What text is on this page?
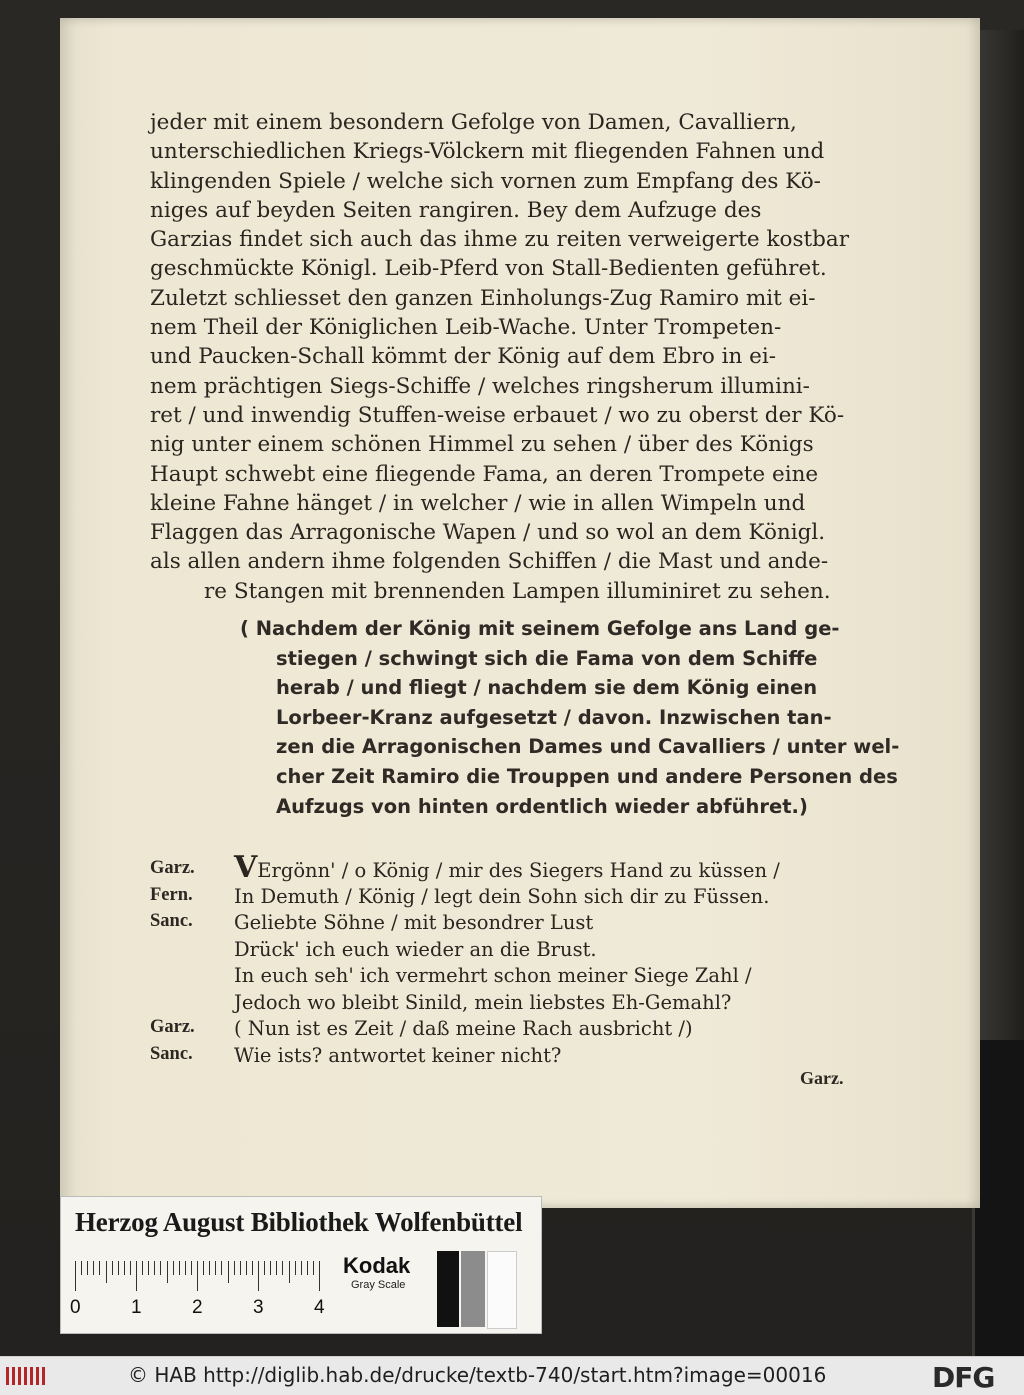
jeder mit einem besondern Gefolge von Damen, Cavalliern,
unterschiedlichen Kriegs-Völckern mit fliegenden Fahnen und
klingenden Spiele / welche sich vornen zum Empfang des Kö-
niges auf beyden Seiten rangiren. Bey dem Aufzuge des
Garzias findet sich auch das ihme zu reiten verweigerte kostbar
geschmückte Königl. Leib-Pferd von Stall-Bedienten geführet.
Zuletzt schliesset den ganzen Einholungs-Zug Ramiro mit ei-
nem Theil der Königlichen Leib-Wache. Unter Trompeten-
und Paucken-Schall kömmt der König auf dem Ebro in ei-
nem prächtigen Siegs-Schiffe / welches ringsherum illumini-
ret / und inwendig Stuffen-weise erbauet / wo zu oberst der Kö-
nig unter einem schönen Himmel zu sehen / über des Königs
Haupt schwebt eine fliegende Fama, an deren Trompete eine
kleine Fahne hänget / in welcher / wie in allen Wimpeln und
Flaggen das Arragonische Wapen / und so wol an dem Königl.
als allen andern ihme folgenden Schiffen / die Mast und ande-
re Stangen mit brennenden Lampen illuminiret zu sehen.
( Nachdem der König mit seinem Gefolge ans Land ge-
stiegen / schwingt sich die Fama von dem Schiffe
herab / und fliegt / nachdem sie dem König einen
Lorbeer-Kranz aufgesetzt / davon. Inzwischen tan-
zen die Arragonischen Dames und Cavalliers / unter wel-
cher Zeit Ramiro die Trouppen und andere Personen des
Aufzugs von hinten ordentlich wieder abführet.)
Garz.	VErgönn' / o König / mir des Siegers Hand zu küssen /
Fern.	In Demuth / König / legt dein Sohn sich dir zu Füssen.
Sanc.	Geliebte Söhne / mit besondrer Lust
Drück' ich euch wieder an die Brust.
In euch seh' ich vermehrt schon meiner Siege Zahl /
Jedoch wo bleibt Sinild, mein liebstes Eh-Gemahl?
Garz.	( Nun ist es Zeit / daß meine Rach ausbricht /)
Sanc.	Wie ists? antwortet keiner nicht?
Garz.
Herzog August Bibliothek Wolfenbüttel
0	1	2	3	4
Kodak
Gray Scale
© HAB http://diglib.hab.de/drucke/textb-740/start.htm?image=00016	DFG
